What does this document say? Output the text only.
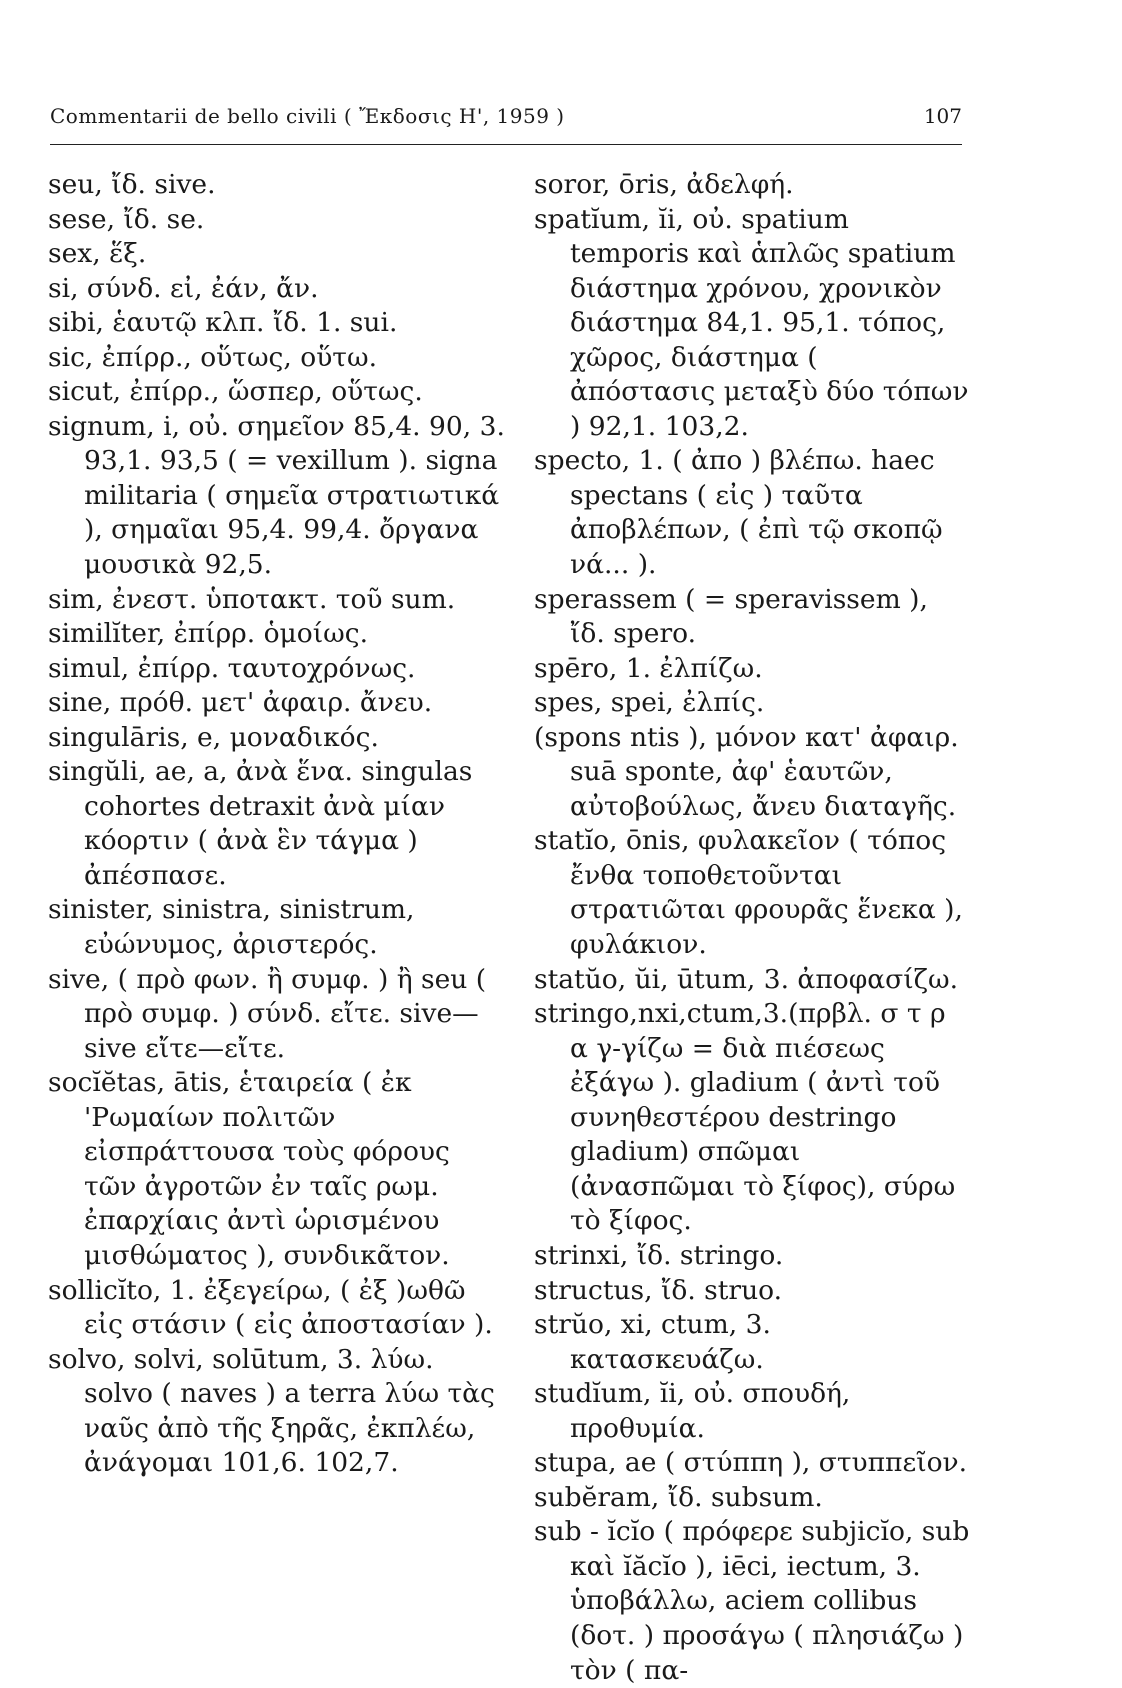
Commentarii de bello civili ( Ἔκδοσις Η', 1959 )	107
seu, ἴδ. sive.
sese, ἴδ. se.
sex, ἕξ.
si, σύνδ. εἰ, ἐάν, ἄν.
sibi, ἑαυτῷ κλπ. ἴδ. 1. sui.
sic, ἐπίρρ., οὕτως, οὕτω.
sicut, ἐπίρρ., ὥσπερ, οὕτως.
signum, i, οὐ. σημεῖον 85,4. 90, 3. 93,1. 93,5 ( = vexillum ). signa militaria ( σημεῖα στρατιωτικά ), σημαῖαι 95,4. 99,4. ὄργανα μουσικὰ 92,5.
sim, ἐνεστ. ὑποτακτ. τοῦ sum.
similĭter, ἐπίρρ. ὁμοίως.
simul, ἐπίρρ. ταυτοχρόνως.
sine, πρόθ. μετ' ἀφαιρ. ἄνευ.
singulāris, e, μοναδικός.
singŭli, ae, a, ἀνὰ ἕνα. singulas cohortes detraxit ἀνὰ μίαν κόορτιν ( ἀνὰ ἓν τάγμα ) ἀπέσπασε.
sinister, sinistra, sinistrum, εὐώνυμος, ἀριστερός.
sive, ( πρὸ φων. ἢ συμφ. ) ἢ seu ( πρὸ συμφ. ) σύνδ. εἴτε. sive—sive εἴτε—εἴτε.
socĭĕtas, ātis, ἑταιρεία ( ἐκ 'Ρωμαίων πολιτῶν εἰσπράττουσα τοὺς φόρους τῶν ἀγροτῶν ἐν ταῖς ρωμ. ἐπαρχίαις ἀντὶ ὡρισμένου μισθώματος ), συνδικᾶτον.
sollicĭto, 1. ἐξεγείρω, ( ἐξ )ωθῶ εἰς στάσιν ( εἰς ἀποστασίαν ).
solvo, solvi, solūtum, 3. λύω. solvo ( naves ) a terra λύω τὰς ναῦς ἀπὸ τῆς ξηρᾶς, ἐκπλέω, ἀνάγομαι 101,6. 102,7.
soror, ōris, ἀδελφή.
spatĭum, ĭi, οὐ. spatium temporis καὶ ἁπλῶς spatium διάστημα χρόνου, χρονικὸν διάστημα 84,1. 95,1. τόπος, χῶρος, διάστημα ( ἀπόστασις μεταξὺ δύο τόπων ) 92,1. 103,2.
specto, 1. ( ἀπο ) βλέπω. haec spectans ( εἰς ) ταῦτα ἀποβλέπων, ( ἐπὶ τῷ σκοπῷ νά... ).
sperassem ( = speravissem ), ἴδ. spero.
spēro, 1. ἐλπίζω.
spes, spei, ἐλπίς.
(spons ntis ), μόνον κατ' ἀφαιρ. suā sponte, ἀφ' ἑαυτῶν, αὐτοβούλως, ἄνευ διαταγῆς.
statĭo, ōnis, φυλακεῖον ( τόπος ἔνθα τοποθετοῦνται στρατιῶται φρουρᾶς ἕνεκα ), φυλάκιον.
statŭo, ŭi, ūtum, 3. ἀποφασίζω.
stringo,nxi,ctum,3.(πρβλ. σ τ ρ α γ-γίζω = διὰ πιέσεως ἐξάγω ). gladium ( ἀντὶ τοῦ συνηθεστέρου destringo gladium) σπῶμαι (ἀνασπῶμαι τὸ ξίφος), σύρω τὸ ξίφος.
strinxi, ἴδ. stringo.
structus, ἴδ. struo.
strŭo, xi, ctum, 3. κατασκευάζω.
studĭum, ĭi, οὐ. σπουδή, προθυμία.
stupa, ae ( στύππη ), στυππεῖον.
subĕram, ἴδ. subsum.
sub - ĭcĭo ( πρόφερε subjicĭo, sub καὶ ĭăcĭo ), iēci, iectum, 3. ὑποβάλλω, aciem collibus (δοτ. ) προσάγω ( πλησιάζω ) τὸν ( πα-
